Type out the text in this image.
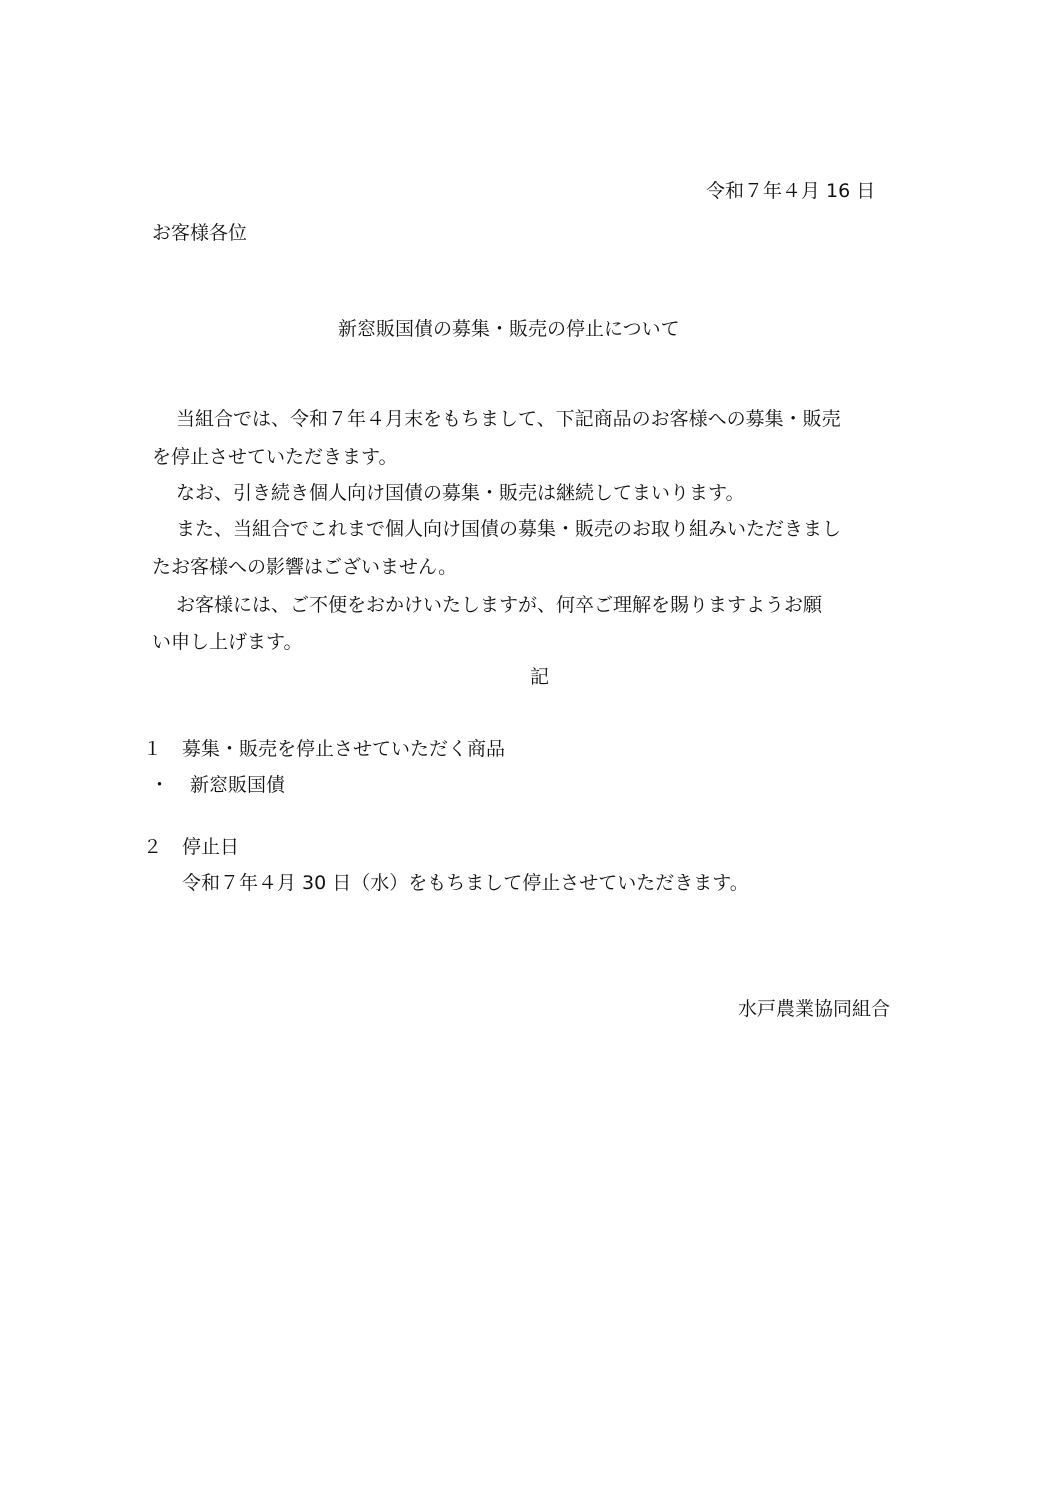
令和７年４月 16 日
お客様各位
新窓販国債の募集・販売の停止について
当組合では、令和７年４月末をもちまして、下記商品のお客様への募集・販売
を停止させていただきます。
なお、引き続き個人向け国債の募集・販売は継続してまいります。
また、当組合でこれまで個人向け国債の募集・販売のお取り組みいただきまし
たお客様への影響はございません。
お客様には、ご不便をおかけいたしますが、何卒ご理解を賜りますようお願
い申し上げます。
記
１ 募集・販売を停止させていただく商品
・ 新窓販国債
２ 停止日
令和７年４月 30 日（水）をもちまして停止させていただきます。
水戸農業協同組合
